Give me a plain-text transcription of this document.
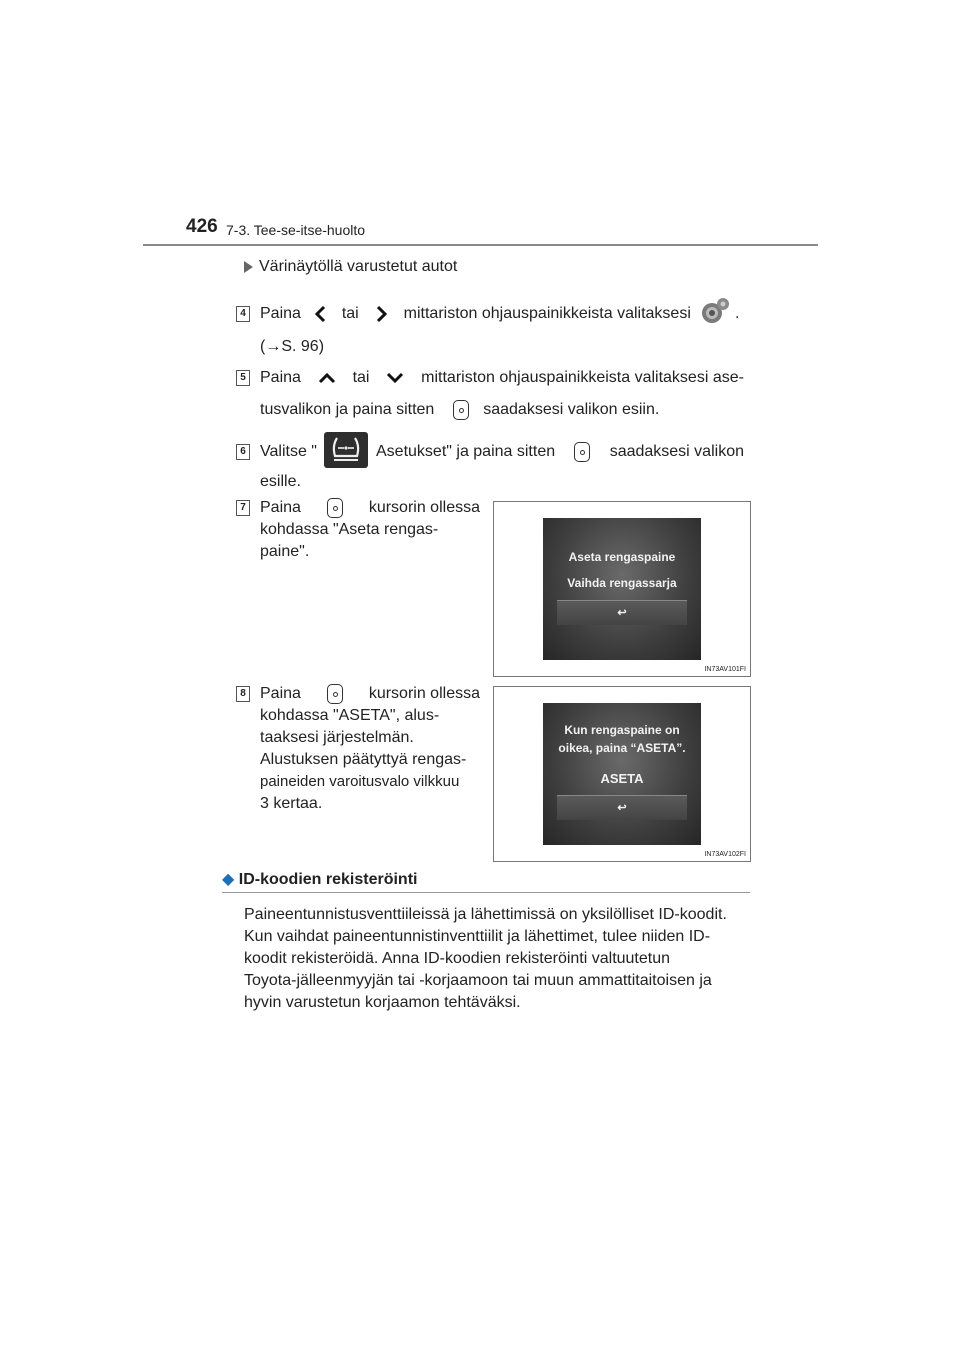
426 7-3. Tee-se-itse-huolto
Värinäytöllä varustetut autot
4 Paina	tai	mittariston ohjauspainikkeista valitaksesi	.
(→S. 96)
5 Paina	tai	mittariston ohjauspainikkeista valitaksesi ase-
tusvalikon ja paina sitten	saadaksesi valikon esiin.
6 Valitse "	Asetukset" ja paina sitten	saadaksesi valikon
esille.
7 Paina	kursorin ollessa
kohdassa "Aseta rengas-
paine".	Aseta rengaspaine
Vaihda rengassarja
↩
IN73AV101FI
8 Paina	kursorin ollessa
kohdassa "ASETA", alus-
taaksesi järjestelmän.
Alustuksen päätyttyä rengas-
paineiden varoitusvalo vilkkuu
3 kertaa.
Kun rengaspaine on
oikea, paina “ASETA”.
ASETA
↩
IN73AV102FI
◆ ID-koodien rekisteröinti
Paineentunnistusventtiileissä ja lähettimissä on yksilölliset ID-koodit.
Kun vaihdat paineentunnistinventtiilit ja lähettimet, tulee niiden ID-
koodit rekisteröidä. Anna ID-koodien rekisteröinti valtuutetun
Toyota-jälleenmyyjän tai -korjaamoon tai muun ammattitaitoisen ja
hyvin varustetun korjaamon tehtäväksi.
